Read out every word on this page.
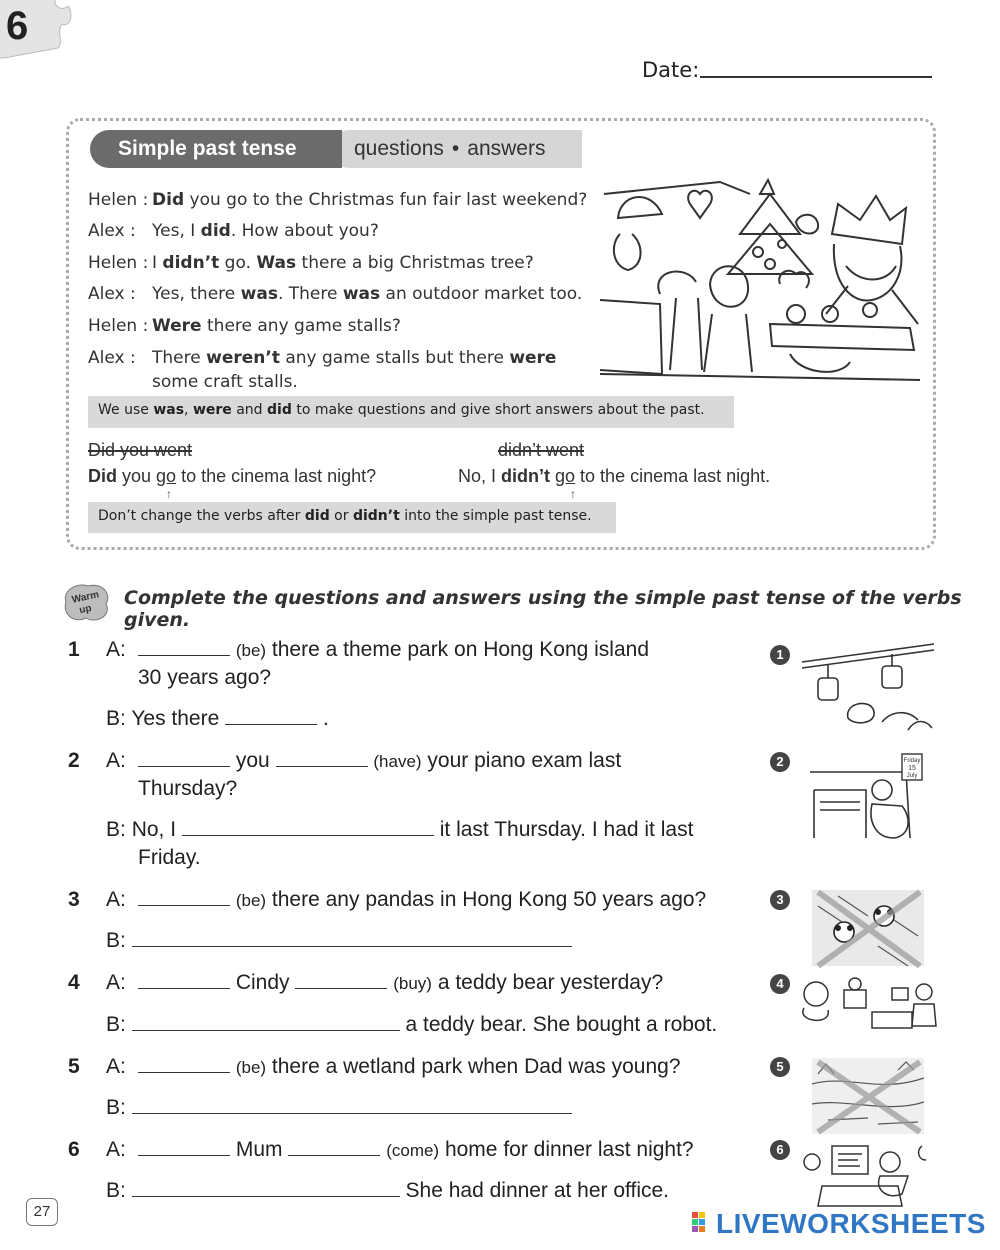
6
Date:
questions • answers
Simple past tense
Helen : Did you go to the Christmas fun fair last weekend?
Alex : Yes, I did. How about you?
Helen : I didn’t go. Was there a big Christmas tree?
Alex : Yes, there was. There was an outdoor market too.
Helen : Were there any game stalls?
Alex : There weren’t any game stalls but there were some craft stalls.
We use was, were and did to make questions and give short answers about the past.
Did you went	didn’t went
Did you go to the cinema last night?	No, I didn’t go to the cinema last night.
↑	↑
Don’t change the verbs after did or didn’t into the simple past tense.
Warm
up
Complete the questions and answers using the simple past tense of the verbs given.
1 A:	(be) there a theme park on Hong Kong island
30 years ago?
B: Yes there	.
2 A:	you	(have) your piano exam last
Thursday?
B: No, I	it last Thursday. I had it last
Friday.
3 A:	(be) there any pandas in Hong Kong 50 years ago?
B:
4 A:	Cindy	(buy) a teddy bear yesterday?
B:	a teddy bear. She bought a robot.
5 A:	(be) there a wetland park when Dad was young?
B:
6 A:	Mum	(come) home for dinner last night?
B:	She had dinner at her office.
1
2
3
4
5
6
Friday
15
July
27	LIVEWORKSHEETS
